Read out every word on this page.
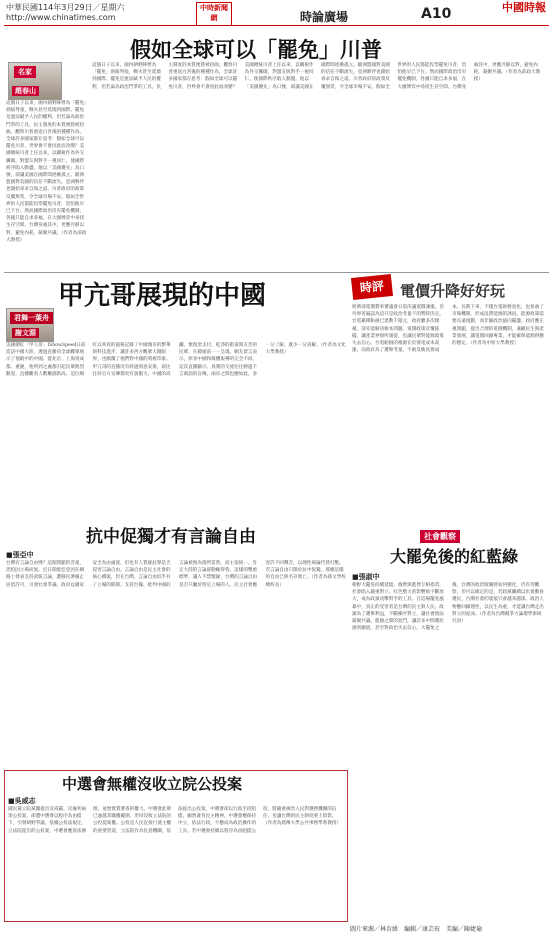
中華民國114年3月29日／星期六
http://www.chinatimes.com
中時新聞網	時論廣場	A10	中國時報
假如全球可以「罷免」川普
名家
趙春山
這個日子以來，國內朝野陣營為「罷免」劍拔弩張，戰火甚至延燒到國際。罷免是憲法賦予人民的權利，但若淪為政治鬥爭的工具，民主制度的本質便將被扭曲。觀察川普重返白宮後的種種作為，全球許多國家都在思考：假如全球可以罷免川普，世界會不會因此而改變？美國總統川普上任以來，以關稅作為外交籌碼，對盟友與對手一視同仁，使國際秩序陷入動盪。他以「美國優先」為口號，卻讓美國在國際間逐漸孤立。歐洲盟國對美國的信任不斷流失，亞洲夥伴也開始尋求自保之道。川普政府的政策反覆無常，令全球市場不安。假如全世界的人民都能投票罷免川普，恐怕他早已下台。然而國際政治沒有罷免機制，各國只能自求多福，在大國博弈中尋找生存空間。台灣身處其中，更應冷靜以對，避免內耗，凝聚共識。（作者為前政大教授）
這個日子以來，國內朝野陣營為「罷免」劍拔弩張，戰火甚至延燒到國際。罷免是憲法賦予人民的權利，但若淪為政治鬥爭的工具，民主制度的本質便將被扭曲。觀察川普重返白宮後的種種作為，全球許多國家都在思考：假如全球可以罷免川普，世界會不會因此而改變？美國總統川普上任以來，以關稅作為外交籌碼，對盟友與對手一視同仁，使國際秩序陷入動盪。他以「美國優先」為口號，卻讓美國在國際間逐漸孤立。歐洲盟國對美國的信任不斷流失，亞洲夥伴也開始尋求自保之道。川普政府的政策反覆無常，令全球市場不安。假如全世界的人民都能投票罷免川普，恐怕他早已下台。然而國際政治沒有罷免機制，各國只能自求多福，在大國博弈中尋找生存空間。台灣身處其中，更應冷靜以對，避免內耗，凝聚共識。（作者為前政大教授）
甲亢哥展現的中國
君舞一葉舟
謝文淵
美國網紅「甲亢哥」IShowSpeed日前造訪中國大陸，透過直播向全球觀眾展示了他眼中的中國。從北京、上海到成都、重慶，他所到之處都引起民眾熱烈歡迎，直播觀看人數屢創新高。這位網紅以率真的風格記錄了中國城市的繁華與科技進步，讓許多西方觀眾大開眼界，也顛覆了他們對中國的刻板印象。甲亢哥的直播沒有經過刻意安排，卻比任何官方宣傳都更有說服力。中國的高鐵、無現金支付、乾淨的街道與友善的民眾，在鏡頭前一一呈現。網友留言表示，原來中國和媒體報導的完全不同。這次直播顯示，真實的交流往往勝過千言萬語的宣傳。兩岸之間也應如此，多一分了解，就少一分誤解。（作者為文化大學教授）
時評	電價升降好好玩
經濟部電價費率審議會日前決議電價凍漲，但外界普遍認為這只是政治考量下的暫時決定。台電累積虧損已達數千億元，政府雖多次撥補，卻未能解決根本問題。電價政策反覆搖擺，讓產業界無所適從，也讓民眾對能源政策失去信心。台電虧損的根源在於發電成本高漲，而政府為了選舉考量，不敢反映真實成本。長期下來，不僅台電財務惡化，也扭曲了市場機制，形成浪費能源的誘因。能源政策需要長遠規劃，而非隨政治風向擺盪。政府應正視問題，提出合理的電價機制，兼顧民生與產業發展，讓電價回歸專業，才能確保能源供應的穩定。（作者為中原大學教授）
抗中促獨才有言論自由
■張亞中
台灣有言論自由嗎？這個問題的答案，恐怕因立場而異。近日陸配亞亞因在網路上發表支持武統言論，遭移民署廢止居留許可，引發社會爭議。政府以國家安全為由處置，但也有人質疑此舉是否侵害言論自由。言論自由是民主社會的核心價值，但在台灣，言論自由似乎有了立場的限制。支持台獨、批判中國的言論被視為理所當然，而主張統一、肯定大陸的言論卻動輒得咎。這樣的雙重標準，讓人不禁懷疑，台灣的言論自由是否只屬於特定立場的人。民主社會應容許不同聲音，以理性辯論代替打壓。若言論自由只限於抗中促獨，那麼這樣的自由已經名存實亡。（作者為孫文學校總校長）
社會觀察
大罷免後的紅藍綠
■張淑中
朝野大罷免持續延燒，綠營與藍營互相指責，社會陷入嚴重對立。紅色勢力的影響被不斷放大，成為政黨攻擊對手的工具。在這場罷免風暴中，真正的受害者是台灣的民主與人民。政黨為了選舉利益，不斷操弄對立，讓社會無法凝聚共識。藍綠之間的惡鬥，讓許多中間選民感到厭倦，甚至對政治失去信心。大罷免之後，台灣的政治版圖將如何變化，仍有待觀察。但可以確定的是，若政黨繼續以仇恨動員選民，台灣社會的裂痕只會越來越深。政治人物應回歸理性，以民生為重，才能讓台灣走出對立的泥淖。（作者為台灣競爭力論壇學術研究員）
中選會無權沒收立院公投案
■吳威志
國民黨立院黨團提出反戒嚴、反廢死兩項公投案，卻遭中選會以程序為由擋下，引發朝野爭議。依據公投法規定，立法院提出的公投案，中選會應依法辦理，並無實質審查的權力。中選會此舉已逾越其職權範圍，形同沒收立法院的公投提案權。公投是人民直接行使主權的重要管道，立法院作為民意機關，依法提出公投案，中選會卻以行政手段阻擋，顯然違背民主精神。中選會應保持中立，依法行政，不應成為政治操作的工具。若中選會持續以程序為由阻擋公投，將嚴重損害人民對選務機關的信任，也讓台灣的民主制度蒙上陰影。（作者為銘傳大學公共事務學系教授）
圖片來源／林育緯　編輯／康芸瑄　美編／陳婕瑜
